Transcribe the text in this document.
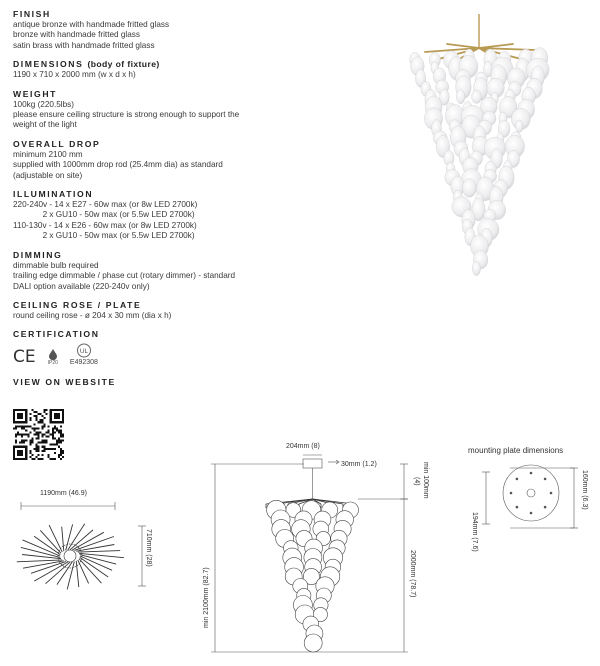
FINISH
antique bronze with handmade fritted glass
bronze with handmade fritted glass
satin brass with handmade fritted glass
DIMENSIONS (body of fixture)
1190 x 710 x 2000 mm (w x d x h)
WEIGHT
100kg (220.5lbs)
please ensure ceiling structure is strong enough to support the
weight of the light
OVERALL DROP
minimum 2100 mm
supplied with 1000mm drop rod (25.4mm dia) as standard
(adjustable on site)
ILLUMINATION
220-240v - 14 x E27 - 60w max (or 8w LED 2700k)
2 x GU10 - 50w max (or 5.5w LED 2700k)
110-130v - 14 x E26 - 60w max (or 8w LED 2700k)
2 x GU10 - 50w max (or 5.5w LED 2700k)
DIMMING
dimmable bulb required
trailing edge dimmable / phase cut (rotary dimmer) - standard
DALI option available (220-240v only)
CEILING ROSE / PLATE
round ceiling rose - ø 204 x 30 mm (dia x h)
CERTIFICATION
CE IP20
UL
E492308
VIEW ON WEBSITE
1190mm (46.9)
710mm (28)
204mm (8)
30mm (1.2)	min 100mm
(4)
min 2100mm (82.7)	2000mm (78.7)
mounting plate dimensions
194mm (7.6)
160mm (6.3)
